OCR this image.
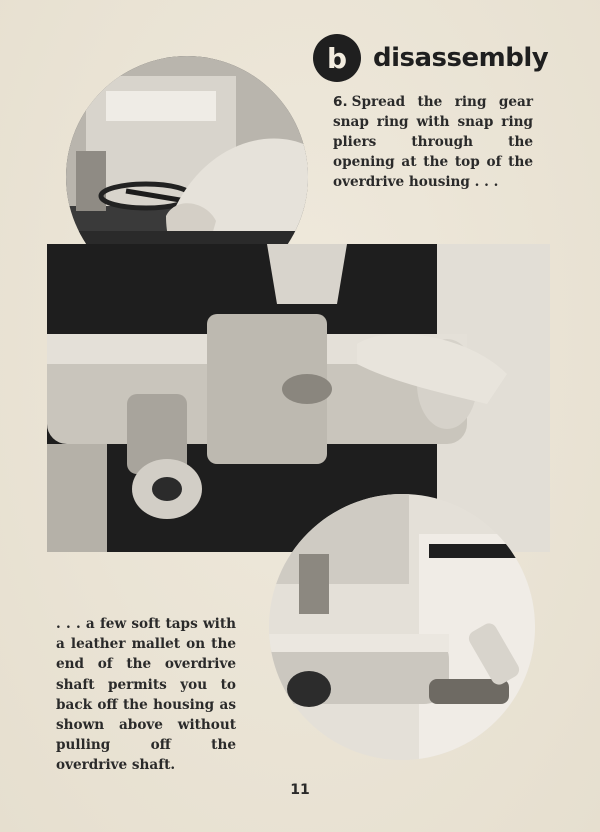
b disassembly
6. Spread the ring gear snap ring with snap ring pliers through the opening at the top of the overdrive housing . . .
. . . a few soft taps with a leather mallet on the end of the overdrive shaft permits you to back off the housing as shown above without pulling off the overdrive shaft.
11
